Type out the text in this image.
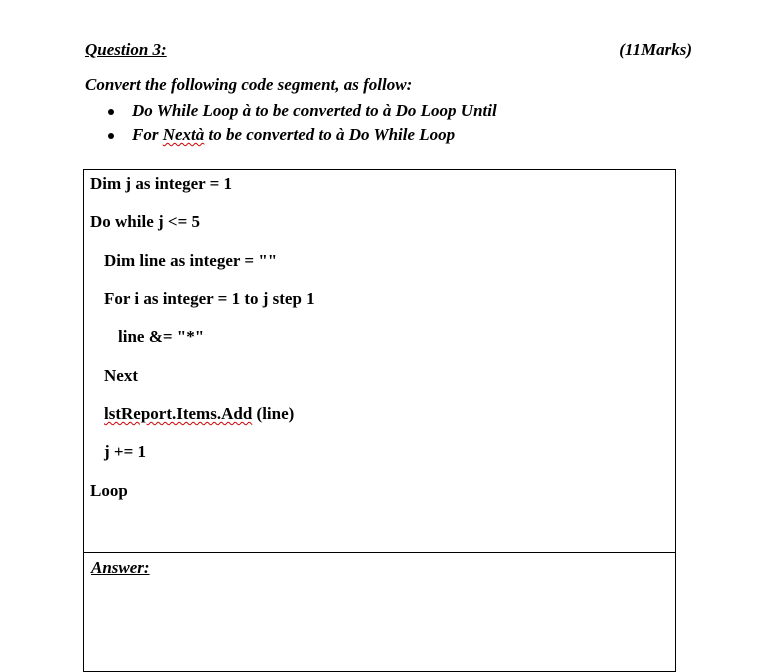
Question 3:	(11Marks)
Convert the following code segment, as follow:
Do While Loop à to be converted to à Do Loop Until
For Nextà to be converted to à Do While Loop
Dim j as integer = 1
Do while j <= 5
Dim line as integer = ""
For i as integer = 1 to j step 1
line &= "*"
Next
lstReport.Items.Add (line)
j += 1
Loop
Answer:
